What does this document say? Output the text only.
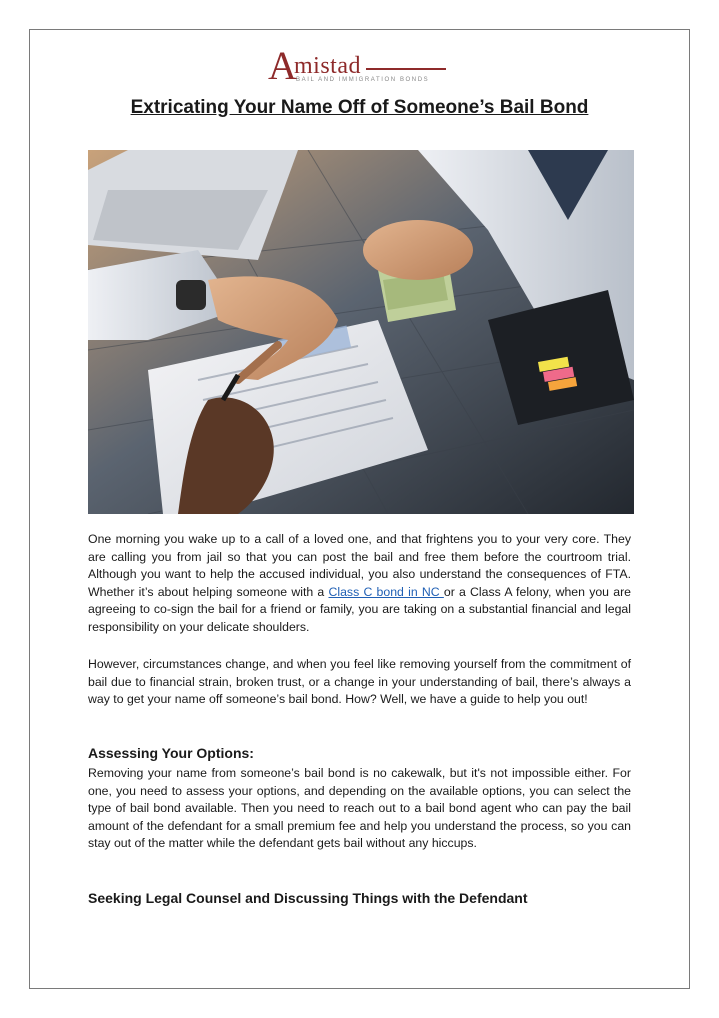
A
mistad
BAIL AND IMMIGRATION BONDS
Extricating Your Name Off of Someone’s Bail Bond

One morning you wake up to a call of a loved one, and that frightens you to your very core. They are calling you from jail so that you can post the bail and free them before the courtroom trial. Although you want to help the accused individual, you also understand the consequences of FTA. Whether it’s about helping someone with a Class C bond in NC or a Class A felony, when you are agreeing to co-sign the bail for a friend or family, you are taking on a substantial financial and legal responsibility on your delicate shoulders.

However, circumstances change, and when you feel like removing yourself from the commitment of bail due to financial strain, broken trust, or a change in your understanding of bail, there’s always a way to get your name off someone’s bail bond. How? Well, we have a guide to help you out!

Assessing Your Options:

Removing your name from someone’s bail bond is no cakewalk, but it's not impossible either. For one, you need to assess your options, and depending on the available options, you can select the type of bail bond available. Then you need to reach out to a bail bond agent who can pay the bail amount of the defendant for a small premium fee and help you understand the process, so you can stay out of the matter while the defendant gets bail without any hiccups.

Seeking Legal Counsel and Discussing Things with the Defendant
